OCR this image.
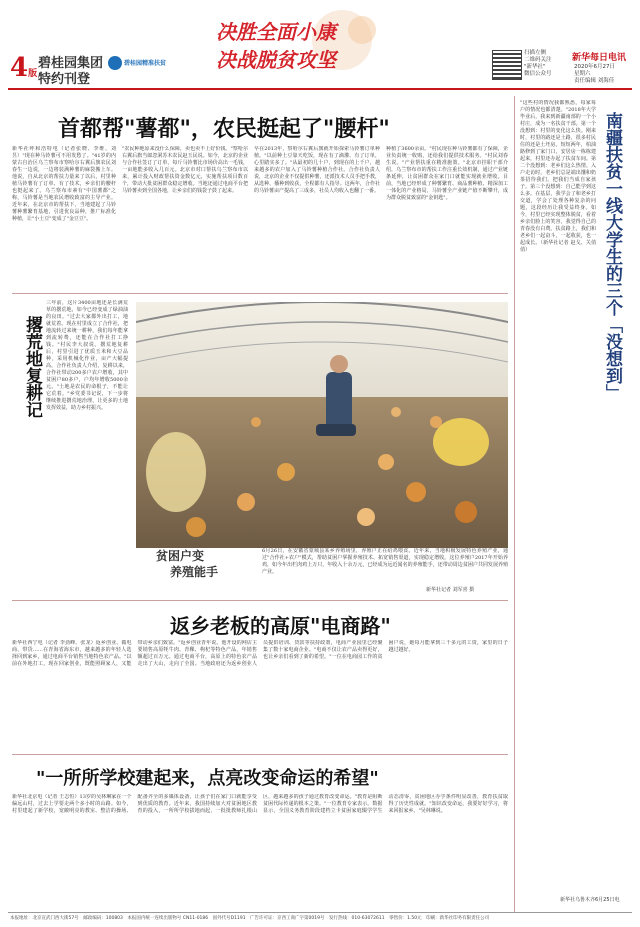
4版
碧桂园集团
特约刊登
碧桂园精准扶贫
决胜全面小康
决战脱贫攻坚	扫描左侧
二维码关注
"新华社"
微信公众号
新华每日电讯
2020年6月27日
星期六
责任编辑 刘海佳
首都帮"薯都"，农民挺起了"腰杆"
新华社呼和浩特电（记者张晓、李维、刘昱）"现在种马铃薯可不用发愁了。"41岁的内蒙古自治区乌兰察布市察哈尔右翼后旗农民刘春生一边说，一边将装满种薯的麻袋搬上车。他说，自从北京的帮扶力量来了以后，村里种植马铃薯有了订单、有了技术，乡亲们的腰杆也挺起来了。乌兰察布市素有"中国薯都"之称，马铃薯是当地农民增收致富的主导产业。近年来，在北京市的帮扶下，当地建起了马铃薯种薯繁育基地，引进优良品种，推广标准化种植，让"小土豆"变成了"金豆豆"。
"农民种地原来没什么保障，卖也卖不上好价钱。"察哈尔右翼后旗当郎忽洞苏木农民赵玉民说。如今，北京的企业与合作社签订了订单，每斤马铃薯比市场价高出一毛钱，一亩地能多收入几百元。北京市对口帮扶乌兰察布市以来，累计投入财政帮扶资金数亿元，实施帮扶项目数百个，带动大批贫困群众稳定增收。当地还通过电商平台把马铃薯卖到全国各地，让乡亲们的钱袋子鼓了起来。
早在2013年，察哈尔右翼后旗就开始探索马铃薯订单种植。"以前种土豆靠天吃饭，现在有了滴灌、有了订单，心里踏实多了。"从最初的几十户，到现在的上千户，越来越多的农户加入了马铃薯种植合作社。合作社负责人说，北京的企业不仅提供种薯，还派技术人员手把手教，从选种、播种到收获，全程都有人指导。这两年，合作社的马铃薯亩产提高了三成多，社员人均收入也翻了一番。
种植了3600余亩。"村民现在种马铃薯都有了保障，企业负责统一收购，还给我们提供技术服务。"村民刘春生说。"产业帮扶重在精准施策。"北京市挂职干部介绍，乌兰察布市的帮扶工作注重长效机制，通过产业链条延伸，让贫困群众在家门口就能实现就业增收。目前，当地已经形成了种薯繁育、商品薯种植、精深加工一体化的产业格局，马铃薯全产业链产值不断攀升，成为群众脱贫致富的"金钥匙"。
撂荒地复耕记
三年前，这片3400亩地还是长满荒草的撂荒地，如今已经变成了绿油油的良田。"过去大家都外出打工，地就荒着。现在村里成立了合作社，把地流转过来统一耕种，我们每年能拿到流转费，还能在合作社打工挣钱。"村民李大叔说。撂荒地复耕后，村里引进了优质玉米和大豆品种，采用机械化作业，亩产大幅提高。合作社负责人介绍，复耕以来，合作社带动200多户农户增收，其中贫困户80多户，户均年增收5000余元。"土地是农民的命根子，不能让它荒着。"乡党委书记说，下一步将继续推进撂荒地治理，让更多的土地发挥效益，助力乡村振兴。
贫困户变
养殖能手
6月26日，在安徽省蒙城县某乡养殖场里，养殖户正在给鸡喂食。近年来，当地积极发展特色养殖产业，通过"合作社+农户"模式，帮助贫困户掌握养殖技术、拓宽销售渠道，实现稳定增收。这位养殖户2017年开始养鸡，如今年出栏肉鸡上万只，年收入十余万元，已经成为远近闻名的养殖能手，还带动周边贫困户共同发展养殖产业。
新华社记者 刘军喜 摄
返乡老板的高原"电商路"
新华社西宁电（记者 李劲峰、张龙）返乡创业、做电商、带货……在青海省海东市，越来越多的年轻人选择回到家乡，通过电商平台销售当地特色农产品。"以前在外地打工，现在回家创业，既能照顾家人，又能带动乡亲们致富。"返乡创业青年说。他开设的网店主要销售高原牦牛肉、青稞、枸杞等特色产品，年销售额超过百万元。通过电商平台，高原上的特色农产品走出了大山，走向了全国。当地政府还为返乡创业人员提供培训、贷款等扶持政策，电商产业园里已经聚集了数十家电商企业。"电商不仅让农产品卖得更好，也让乡亲们看到了新的希望。"一位在电商园工作的贫困户说，她每月能拿到三千多元的工资，家里的日子越过越好。
"一所所学校建起来，点亮改变命运的希望"
新华社北京电（记者 王志恒）13岁的吴林琳家在一个偏远山村，过去上学要走两个多小时的山路。如今，村里建起了新学校，宽敞明亮的教室、整洁的操场、配备齐全的多媒体设备，让孩子们在家门口就能享受到优质的教育。近年来，我国持续加大对贫困地区教育的投入，一所所学校拔地而起，一批批教师扎根山区，越来越多的孩子通过教育改变命运。"教育是阻断贫困代际传递的根本之策。"一位教育专家表示。数据显示，全国义务教育阶段建档立卡贫困家庭辍学学生动态清零，贫困地区办学条件明显改善，教育扶贫取得了历史性成就。"知识改变命运，我要好好学习，将来回报家乡。"吴林琳说。
南疆扶贫一线大学生的三个「没想到」
"这些村的情况我都熟悉，每家每户的情况也都清楚。"2018年大学毕业后，我来到新疆南部的一个小村庄，成为一名扶贫干部。第一个没想到：村里的变化这么快。刚来时，村里的路还是土路，很多村民住的还是土坯房。短短两年，柏油路修到了家门口，安居房一栋栋建起来，村里还办起了扶贫车间。第二个没想到：老乡们这么热情。入户走访时，老乡们总是端出馕和奶茶招待我们，把我们当成自家孩子。第三个没想到：自己能学到这么多。在基层，我学会了和老乡打交道，学会了处理各种复杂的问题，这段经历让我受益终身。如今，村里已经实现整体脱贫，看着乡亲们脸上的笑容，我觉得自己的青春没有白费。扶贫路上，我们和老乡们一起奋斗，一起收获，也一起成长。（新华社记者 赵戈、关俏俏）
新华社乌鲁木齐6月25日电
本报地址：北京宣武门西大街57号　邮政编码：100803　本报国内统一连续出版物号 CN11-0186　国外代号D1191　广告许可证：京西工商广字第0019号　发行热线：010-63072611　零售价：1.50元　印刷：新华社印务有限责任公司
